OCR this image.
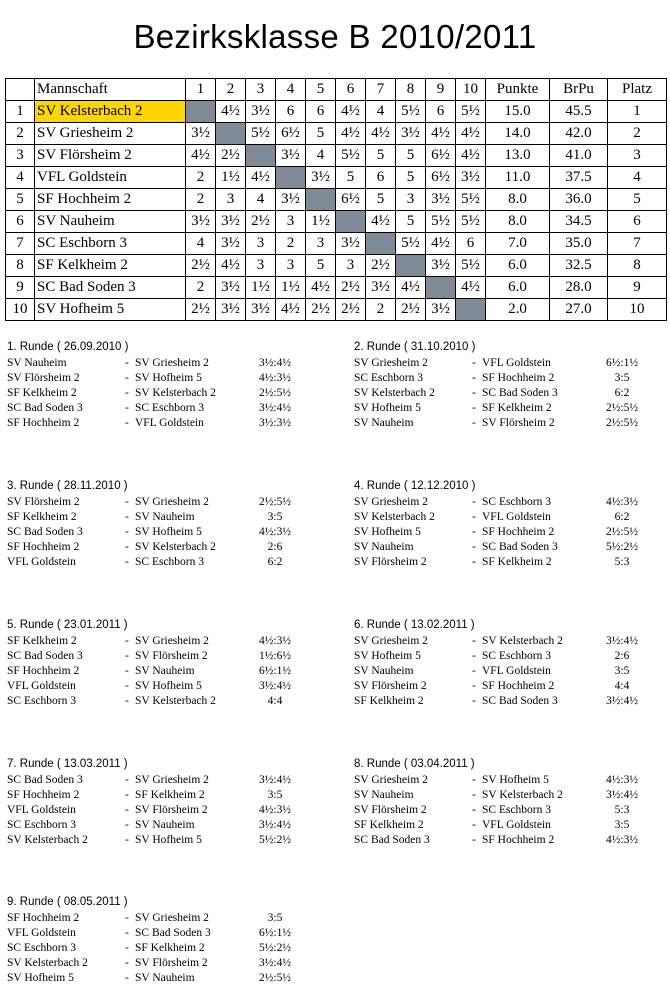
Bezirksklasse B 2010/2011
	Mannschaft	1	2	3	4	5	6	7	8	9	10	Punkte	BrPu	Platz
1	SV Kelsterbach 2		4½	3½	6	6	4½	4	5½	6	5½	15.0	45.5	1
2	SV Griesheim 2	3½		5½	6½	5	4½	4½	3½	4½	4½	14.0	42.0	2
3	SV Flörsheim 2	4½	2½		3½	4	5½	5	5	6½	4½	13.0	41.0	3
4	VFL Goldstein	2	1½	4½		3½	5	6	5	6½	3½	11.0	37.5	4
5	SF Hochheim 2	2	3	4	3½		6½	5	3	3½	5½	8.0	36.0	5
6	SV Nauheim	3½	3½	2½	3	1½		4½	5	5½	5½	8.0	34.5	6
7	SC Eschborn 3	4	3½	3	2	3	3½		5½	4½	6	7.0	35.0	7
8	SF Kelkheim 2	2½	4½	3	3	5	3	2½		3½	5½	6.0	32.5	8
9	SC Bad Soden 3	2	3½	1½	1½	4½	2½	3½	4½		4½	6.0	28.0	9
10	SV Hofheim 5	2½	3½	3½	4½	2½	2½	2	2½	3½		2.0	27.0	10
1. Runde ( 26.09.2010 )
SV Nauheim	- SV Griesheim 2	3½:4½
SV Flörsheim 2	- SV Hofheim 5	4½:3½
SF Kelkheim 2	- SV Kelsterbach 2	2½:5½
SC Bad Soden 3	- SC Eschborn 3	3½:4½
SF Hochheim 2	- VFL Goldstein	3½:3½
2. Runde ( 31.10.2010 )
SV Griesheim 2	- VFL Goldstein	6½:1½
SC Eschborn 3	- SF Hochheim 2	3:5
SV Kelsterbach 2	- SC Bad Soden 3	6:2
SV Hofheim 5	- SF Kelkheim 2	2½:5½
SV Nauheim	- SV Flörsheim 2	2½:5½
3. Runde ( 28.11.2010 )
SV Flörsheim 2	- SV Griesheim 2	2½:5½
SF Kelkheim 2	- SV Nauheim	3:5
SC Bad Soden 3	- SV Hofheim 5	4½:3½
SF Hochheim 2	- SV Kelsterbach 2	2:6
VFL Goldstein	- SC Eschborn 3	6:2
4. Runde ( 12.12.2010 )
SV Griesheim 2	- SC Eschborn 3	4½:3½
SV Kelsterbach 2	- VFL Goldstein	6:2
SV Hofheim 5	- SF Hochheim 2	2½:5½
SV Nauheim	- SC Bad Soden 3	5½:2½
SV Flörsheim 2	- SF Kelkheim 2	5:3
5. Runde ( 23.01.2011 )
SF Kelkheim 2	- SV Griesheim 2	4½:3½
SC Bad Soden 3	- SV Flörsheim 2	1½:6½
SF Hochheim 2	- SV Nauheim	6½:1½
VFL Goldstein	- SV Hofheim 5	3½:4½
SC Eschborn 3	- SV Kelsterbach 2	4:4
6. Runde ( 13.02.2011 )
SV Griesheim 2	- SV Kelsterbach 2	3½:4½
SV Hofheim 5	- SC Eschborn 3	2:6
SV Nauheim	- VFL Goldstein	3:5
SV Flörsheim 2	- SF Hochheim 2	4:4
SF Kelkheim 2	- SC Bad Soden 3	3½:4½
7. Runde ( 13.03.2011 )
SC Bad Soden 3	- SV Griesheim 2	3½:4½
SF Hochheim 2	- SF Kelkheim 2	3:5
VFL Goldstein	- SV Flörsheim 2	4½:3½
SC Eschborn 3	- SV Nauheim	3½:4½
SV Kelsterbach 2	- SV Hofheim 5	5½:2½
8. Runde ( 03.04.2011 )
SV Griesheim 2	- SV Hofheim 5	4½:3½
SV Nauheim	- SV Kelsterbach 2	3½:4½
SV Flörsheim 2	- SC Eschborn 3	5:3
SF Kelkheim 2	- VFL Goldstein	3:5
SC Bad Soden 3	- SF Hochheim 2	4½:3½
9. Runde ( 08.05.2011 )
SF Hochheim 2	- SV Griesheim 2	3:5
VFL Goldstein	- SC Bad Soden 3	6½:1½
SC Eschborn 3	- SF Kelkheim 2	5½:2½
SV Kelsterbach 2	- SV Flörsheim 2	3½:4½
SV Hofheim 5	- SV Nauheim	2½:5½
